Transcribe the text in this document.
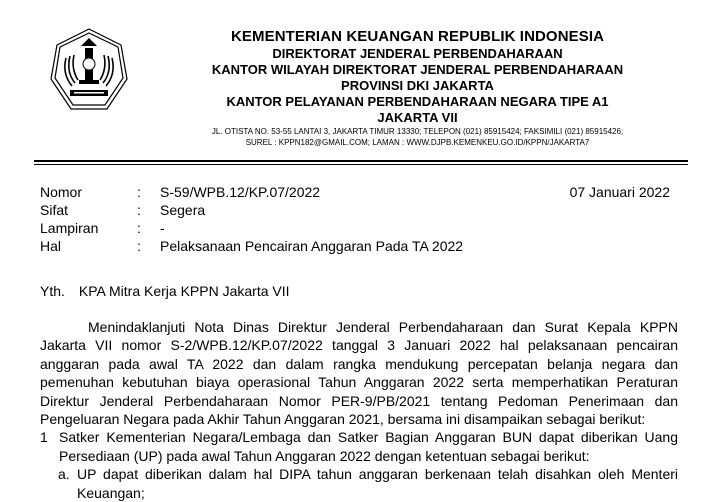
KEMENTERIAN KEUANGAN REPUBLIK INDONESIA
DIREKTORAT JENDERAL PERBENDAHARAAN
KANTOR WILAYAH DIREKTORAT JENDERAL PERBENDAHARAAN
PROVINSI DKI JAKARTA
KANTOR PELAYANAN PERBENDAHARAAN NEGARA TIPE A1
JAKARTA VII
JL. OTISTA NO. 53-55 LANTAI 3, JAKARTA TIMUR 13330; TELEPON (021) 85915424; FAKSIMILI (021) 85915426;
SUREL : KPPN182@GMAIL.COM; LAMAN : WWW.DJPB.KEMENKEU.GO.ID/KPPN/JAKARTA7
Nomor	: S-59/WPB.12/KP.07/2022	07 Januari 2022
Sifat	: Segera
Lampiran	: -
Hal	: Pelaksanaan Pencairan Anggaran Pada TA 2022
Yth. KPA Mitra Kerja KPPN Jakarta VII
Menindaklanjuti Nota Dinas Direktur Jenderal Perbendaharaan dan Surat Kepala KPPN Jakarta VII nomor S-2/WPB.12/KP.07/2022 tanggal 3 Januari 2022 hal pelaksanaan pencairan anggaran pada awal TA 2022 dan dalam rangka mendukung percepatan belanja negara dan pemenuhan kebutuhan biaya operasional Tahun Anggaran 2022 serta memperhatikan Peraturan Direktur Jenderal Perbendaharaan Nomor PER-9/PB/2021 tentang Pedoman Penerimaan dan Pengeluaran Negara pada Akhir Tahun Anggaran 2021, bersama ini disampaikan sebagai berikut:
1 Satker Kementerian Negara/Lembaga dan Satker Bagian Anggaran BUN dapat diberikan Uang Persediaan (UP) pada awal Tahun Anggaran 2022 dengan ketentuan sebagai berikut:
a. UP dapat diberikan dalam hal DIPA tahun anggaran berkenaan telah disahkan oleh Menteri Keuangan;
